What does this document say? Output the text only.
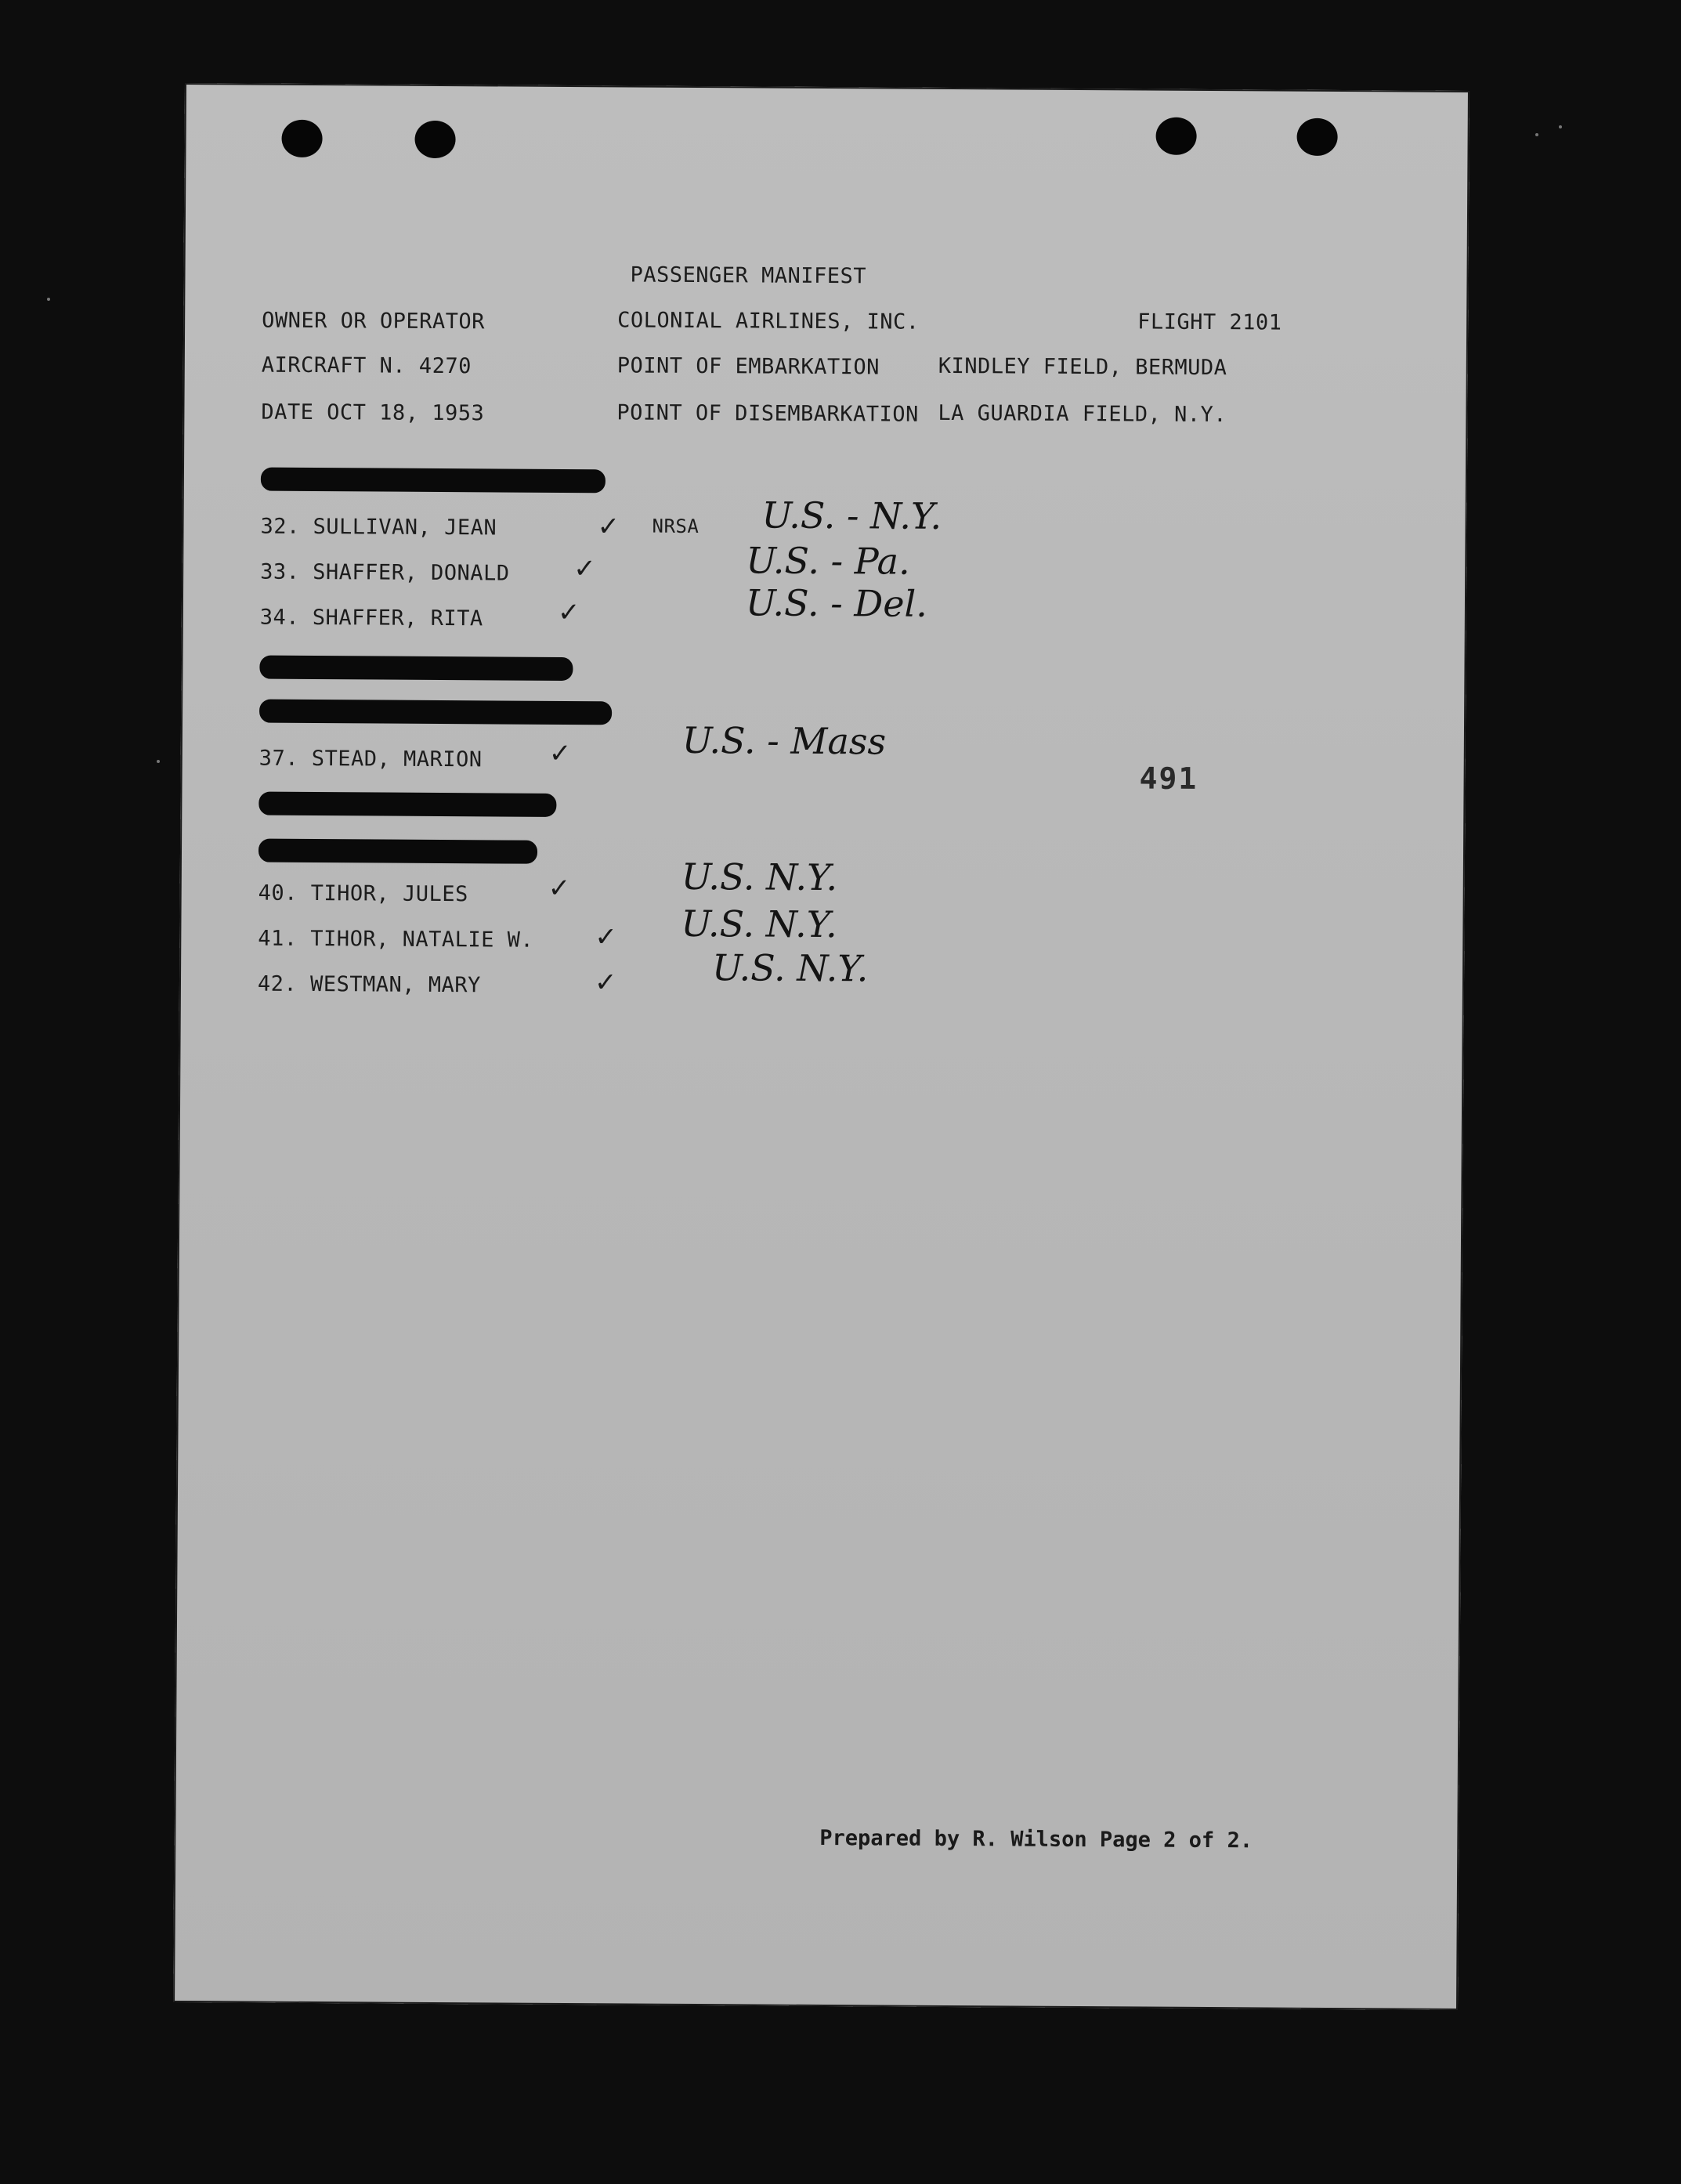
PASSENGER MANIFEST
OWNER OR OPERATOR	COLONIAL AIRLINES, INC.	FLIGHT 2101
AIRCRAFT N. 4270	POINT OF EMBARKATION	KINDLEY FIELD, BERMUDA
DATE OCT 18, 1953	POINT OF DISEMBARKATION LA GUARDIA FIELD, N.Y.
32. SULLIVAN, JEAN	✓ NRSA U.S. - N.Y.
33. SHAFFER, DONALD ✓	U.S. - Pa.
34. SHAFFER, RITA	✓	U.S. - Del.
37. STEAD, MARION ✓	U.S. - Mass
491
40. TIHOR, JULES	✓	U.S. N.Y.
41. TIHOR, NATALIE W. ✓ U.S. N.Y.
42. WESTMAN, MARY	✓	U.S. N.Y.
Prepared by R. Wilson Page 2 of 2.
